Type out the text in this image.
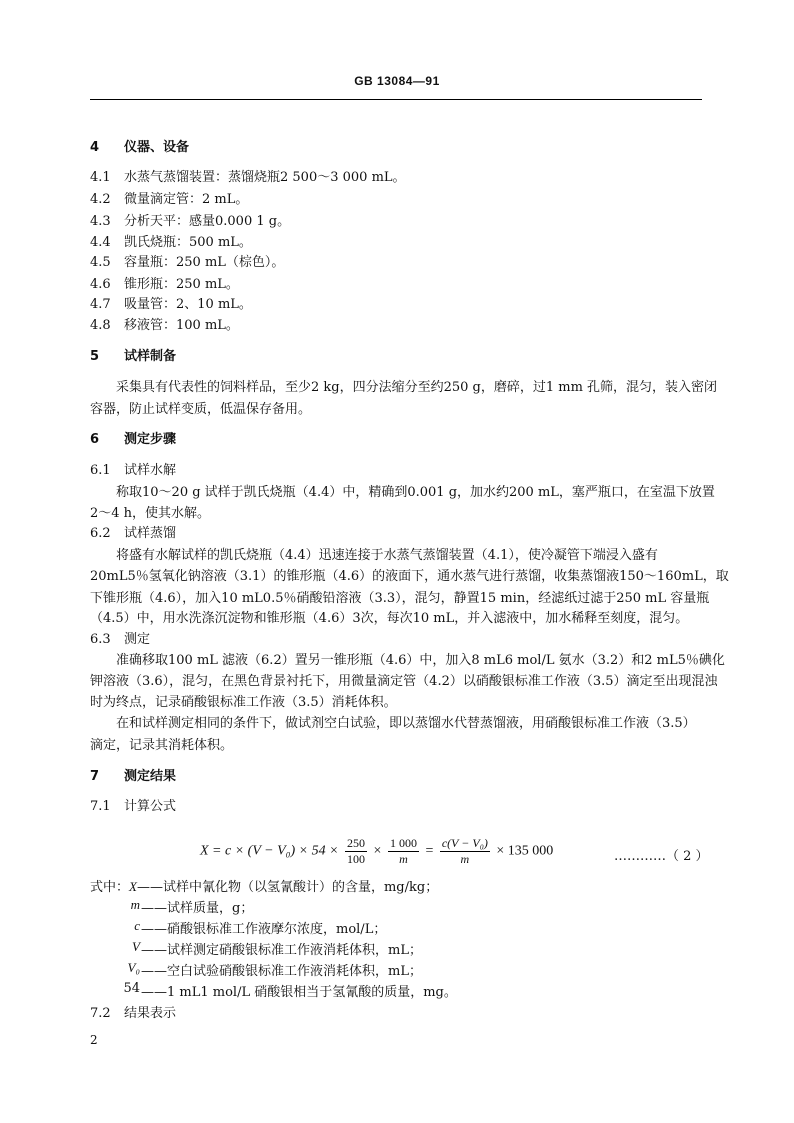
GB 13084—91
4 仪器、设备
4.1 水蒸气蒸馏装置：蒸馏烧瓶2 500～3 000 mL。
4.2 微量滴定管：2 mL。
4.3 分析天平：感量0.000 1 g。
4.4 凯氏烧瓶：500 mL。
4.5 容量瓶：250 mL（棕色）。
4.6 锥形瓶：250 mL。
4.7 吸量管：2、10 mL。
4.8 移液管：100 mL。
5 试样制备
采集具有代表性的饲料样品，至少2 kg，四分法缩分至约250 g，磨碎，过1 mm 孔筛，混匀，装入密闭
容器，防止试样变质，低温保存备用。
6 测定步骤
6.1 试样水解
称取10～20 g 试样于凯氏烧瓶（4.4）中，精确到0.001 g，加水约200 mL，塞严瓶口，在室温下放置
2～4 h，使其水解。
6.2 试样蒸馏
将盛有水解试样的凯氏烧瓶（4.4）迅速连接于水蒸气蒸馏装置（4.1），使冷凝管下端浸入盛有
20mL5％氢氧化钠溶液（3.1）的锥形瓶（4.6）的液面下，通水蒸气进行蒸馏，收集蒸馏液150～160mL，取
下锥形瓶（4.6），加入10 mL0.5％硝酸铅溶液（3.3），混匀，静置15 min，经滤纸过滤于250 mL 容量瓶
（4.5）中，用水洗涤沉淀物和锥形瓶（4.6）3次，每次10 mL，并入滤液中，加水稀释至刻度，混匀。
6.3 测定
准确移取100 mL 滤液（6.2）置另一锥形瓶（4.6）中，加入8 mL6 mol/L 氨水（3.2）和2 mL5％碘化
钾溶液（3.6），混匀，在黑色背景衬托下，用微量滴定管（4.2）以硝酸银标准工作液（3.5）滴定至出现混浊
时为终点，记录硝酸银标准工作液（3.5）消耗体积。
在和试样测定相同的条件下，做试剂空白试验，即以蒸馏水代替蒸馏液，用硝酸银标准工作液（3.5）
滴定，记录其消耗体积。
7 测定结果
7.1 计算公式
$X = c \times (V - V_0) \times 54 \times \frac{250}{100} \times \frac{1 000}{m} = \frac{\text{c(V − V₀)}}{m} \times 135$ 000	…………（ 2 ）
式中：X——试样中氰化物（以氢氰酸计）的含量，mg/kg；
m ——试样质量，g；
c ——硝酸银标准工作液摩尔浓度，mol/L；
V ——试样测定硝酸银标准工作液消耗体积，mL；
V₀ ——空白试验硝酸银标准工作液消耗体积，mL；
54 ——1 mL1 mol/L 硝酸银相当于氢氰酸的质量，mg。
7.2 结果表示
2
